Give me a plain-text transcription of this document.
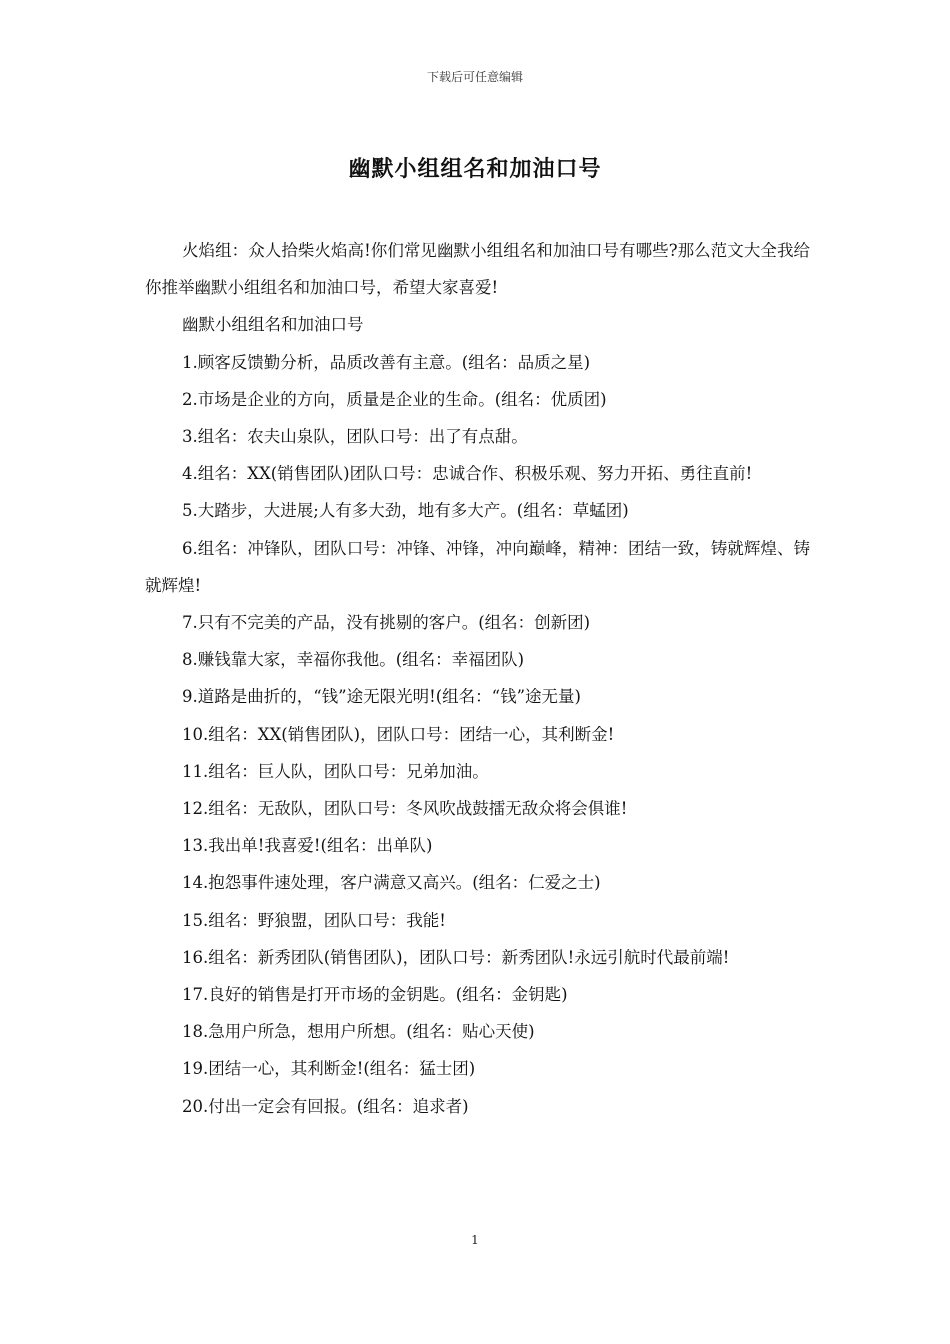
下载后可任意编辑
幽默小组组名和加油口号

火焰组：众人拾柴火焰高!你们常见幽默小组组名和加油口号有哪些?那么范文大全我给你推举幽默小组组名和加油口号，希望大家喜爱!

幽默小组组名和加油口号

1.顾客反馈勤分析，品质改善有主意。(组名：品质之星)

2.市场是企业的方向，质量是企业的生命。(组名：优质团)

3.组名：农夫山泉队，团队口号：出了有点甜。

4.组名：XX(销售团队)团队口号：忠诚合作、积极乐观、努力开拓、勇往直前!

5.大踏步，大进展;人有多大劲，地有多大产。(组名：草蜢团)

6.组名：冲锋队，团队口号：冲锋、冲锋，冲向巅峰，精神：团结一致，铸就辉煌、铸就辉煌!

7.只有不完美的产品，没有挑剔的客户。(组名：创新团)

8.赚钱靠大家，幸福你我他。(组名：幸福团队)

9.道路是曲折的，“钱”途无限光明!(组名：“钱”途无量)

10.组名：XX(销售团队)，团队口号：团结一心，其利断金!

11.组名：巨人队，团队口号：兄弟加油。

12.组名：无敌队，团队口号：冬风吹战鼓擂无敌众将会俱谁!

13.我出单!我喜爱!(组名：出单队)

14.抱怨事件速处理，客户满意又高兴。(组名：仁爱之士)

15.组名：野狼盟，团队口号：我能!

16.组名：新秀团队(销售团队)，团队口号：新秀团队!永远引航时代最前端!

17.良好的销售是打开市场的金钥匙。(组名：金钥匙)

18.急用户所急，想用户所想。(组名：贴心天使)

19.团结一心，其利断金!(组名：猛士团)

20.付出一定会有回报。(组名：追求者)

1
